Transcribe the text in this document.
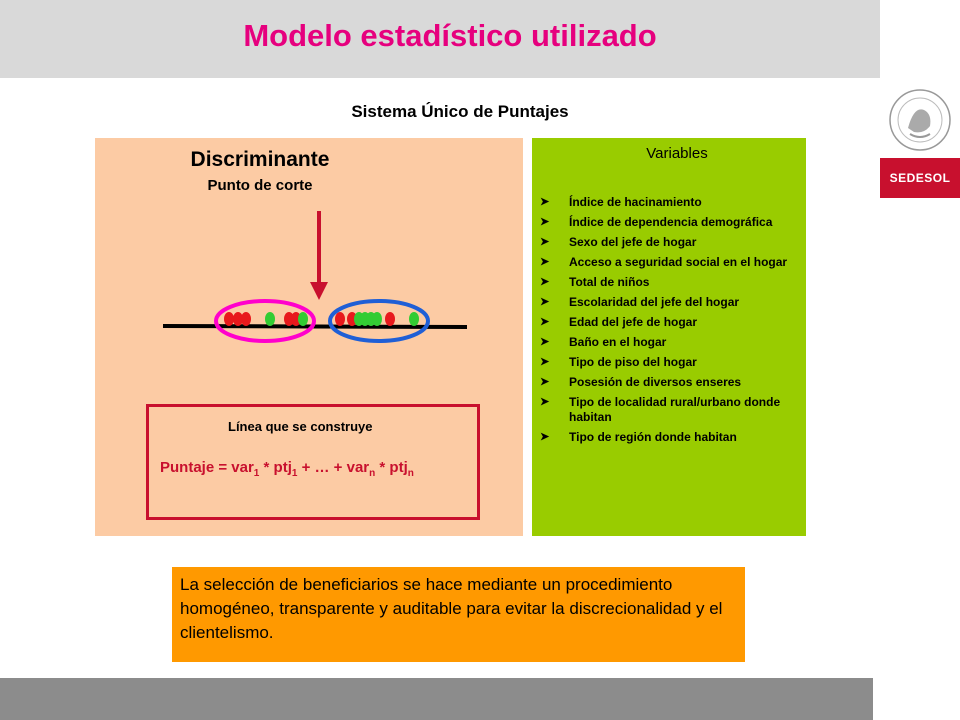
Modelo estadístico utilizado
SEDESOL
Sistema Único de Puntajes
Discriminante
Punto de corte
Línea que se construye
Puntaje = var$_1$ * ptj$_1$ + … + var$_n$ * ptj$_n$
Variables
➤ Índice de hacinamiento
➤ Índice de dependencia demográfica
➤ Sexo del jefe de hogar
➤ Acceso a seguridad social en el hogar
➤ Total de niños
➤ Escolaridad del jefe del hogar
➤ Edad del jefe de hogar
➤ Baño en el hogar
➤ Tipo de piso del hogar
➤ Posesión de diversos enseres
➤ Tipo de localidad rural/urbano donde habitan
➤ Tipo de región donde habitan
La selección de beneficiarios se hace mediante un procedimiento homogéneo, transparente y auditable para evitar la discrecionalidad y el clientelismo.
